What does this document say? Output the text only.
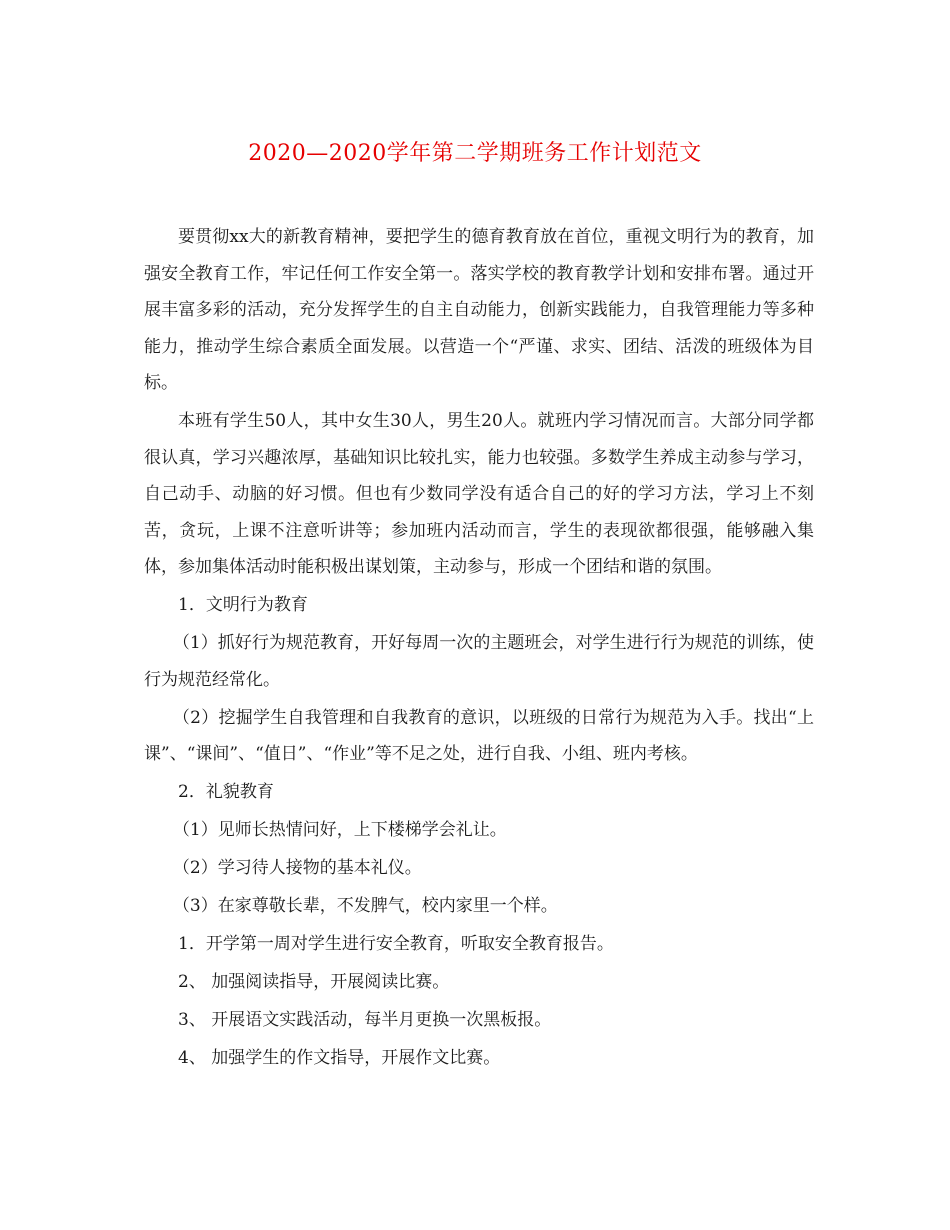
2020—2020学年第二学期班务工作计划范文

要贯彻xx大的新教育精神，要把学生的德育教育放在首位，重视文明行为的教育，加强安全教育工作，牢记任何工作安全第一。落实学校的教育教学计划和安排布署。通过开展丰富多彩的活动，充分发挥学生的自主自动能力，创新实践能力，自我管理能力等多种能力，推动学生综合素质全面发展。以营造一个“严谨、求实、团结、活泼的班级体为目标。

本班有学生50人，其中女生30人，男生20人。就班内学习情况而言。大部分同学都很认真，学习兴趣浓厚，基础知识比较扎实，能力也较强。多数学生养成主动参与学习，自己动手、动脑的好习惯。但也有少数同学没有适合自己的好的学习方法，学习上不刻苦，贪玩，上课不注意听讲等；参加班内活动而言，学生的表现欲都很强，能够融入集体，参加集体活动时能积极出谋划策，主动参与，形成一个团结和谐的氛围。

1．文明行为教育

（1）抓好行为规范教育，开好每周一次的主题班会，对学生进行行为规范的训练，使行为规范经常化。

（2）挖掘学生自我管理和自我教育的意识，以班级的日常行为规范为入手。找出“上课”、“课间”、“值日”、“作业”等不足之处，进行自我、小组、班内考核。

2．礼貌教育

（1）见师长热情问好，上下楼梯学会礼让。

（2）学习待人接物的基本礼仪。

（3）在家尊敬长辈，不发脾气，校内家里一个样。

1．开学第一周对学生进行安全教育，听取安全教育报告。

2、 加强阅读指导，开展阅读比赛。

3、 开展语文实践活动，每半月更换一次黑板报。

4、 加强学生的作文指导，开展作文比赛。
